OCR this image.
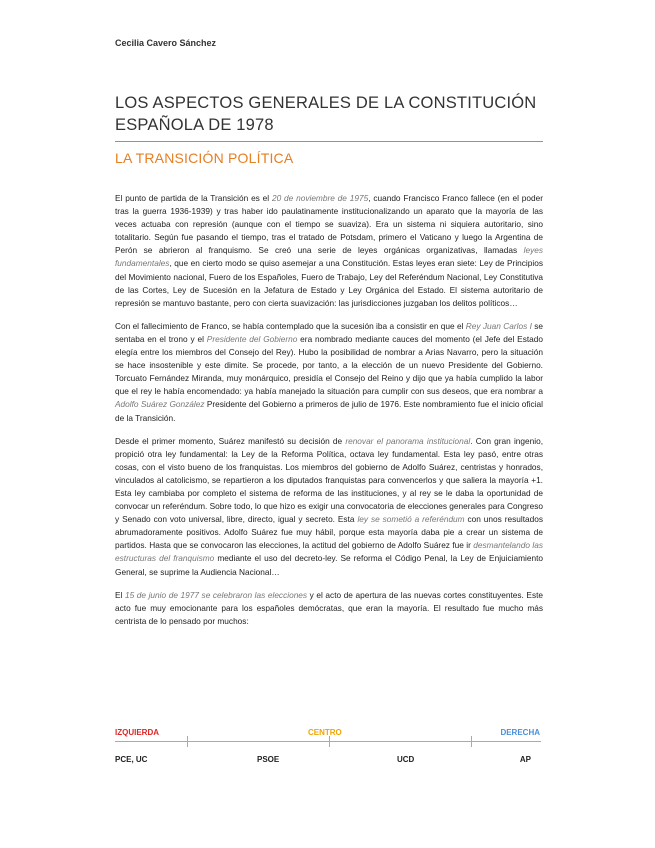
Cecilia Cavero Sánchez
LOS ASPECTOS GENERALES DE LA CONSTITUCIÓN ESPAÑOLA DE 1978
LA TRANSICIÓN POLÍTICA

El punto de partida de la Transición es el 20 de noviembre de 1975, cuando Francisco Franco fallece (en el poder tras la guerra 1936-1939) y tras haber ido paulatinamente institucionalizando un aparato que la mayoría de las veces actuaba con represión (aunque con el tiempo se suaviza). Era un sistema ni siquiera autoritario, sino totalitario. Según fue pasando el tiempo, tras el tratado de Potsdam, primero el Vaticano y luego la Argentina de Perón se abrieron al franquismo. Se creó una serie de leyes orgánicas organizativas, llamadas leyes fundamentales, que en cierto modo se quiso asemejar a una Constitución. Estas leyes eran siete: Ley de Principios del Movimiento nacional, Fuero de los Españoles, Fuero de Trabajo, Ley del Referéndum Nacional, Ley Constitutiva de las Cortes, Ley de Sucesión en la Jefatura de Estado y Ley Orgánica del Estado. El sistema autoritario de represión se mantuvo bastante, pero con cierta suavización: las jurisdicciones juzgaban los delitos políticos…

Con el fallecimiento de Franco, se había contemplado que la sucesión iba a consistir en que el Rey Juan Carlos I se sentaba en el trono y el Presidente del Gobierno era nombrado mediante cauces del momento (el Jefe del Estado elegía entre los miembros del Consejo del Rey). Hubo la posibilidad de nombrar a Arias Navarro, pero la situación se hace insostenible y este dimite. Se procede, por tanto, a la elección de un nuevo Presidente del Gobierno. Torcuato Fernández Miranda, muy monárquico, presidía el Consejo del Reino y dijo que ya había cumplido la labor que el rey le había encomendado: ya había manejado la situación para cumplir con sus deseos, que era nombrar a Adolfo Suárez González Presidente del Gobierno a primeros de julio de 1976. Este nombramiento fue el inicio oficial de la Transición.

Desde el primer momento, Suárez manifestó su decisión de renovar el panorama institucional. Con gran ingenio, propició otra ley fundamental: la Ley de la Reforma Política, octava ley fundamental. Esta ley pasó, entre otras cosas, con el visto bueno de los franquistas. Los miembros del gobierno de Adolfo Suárez, centristas y honrados, vinculados al catolicismo, se repartieron a los diputados franquistas para convencerlos y que saliera la mayoría +1. Esta ley cambiaba por completo el sistema de reforma de las instituciones, y al rey se le daba la oportunidad de convocar un referéndum. Sobre todo, lo que hizo es exigir una convocatoria de elecciones generales para Congreso y Senado con voto universal, libre, directo, igual y secreto. Esta ley se sometió a referéndum con unos resultados abrumadoramente positivos. Adolfo Suárez fue muy hábil, porque esta mayoría daba pie a crear un sistema de partidos. Hasta que se convocaron las elecciones, la actitud del gobierno de Adolfo Suárez fue ir desmantelando las estructuras del franquismo mediante el uso del decreto-ley. Se reforma el Código Penal, la Ley de Enjuiciamiento General, se suprime la Audiencia Nacional…

El 15 de junio de 1977 se celebraron las elecciones y el acto de apertura de las nuevas cortes constituyentes. Este acto fue muy emocionante para los españoles demócratas, que eran la mayoría. El resultado fue mucho más centrista de lo pensado por muchos:

IZQUIERDA	CENTRO	DERECHA
PCE, UC	PSOE	UCD	AP
